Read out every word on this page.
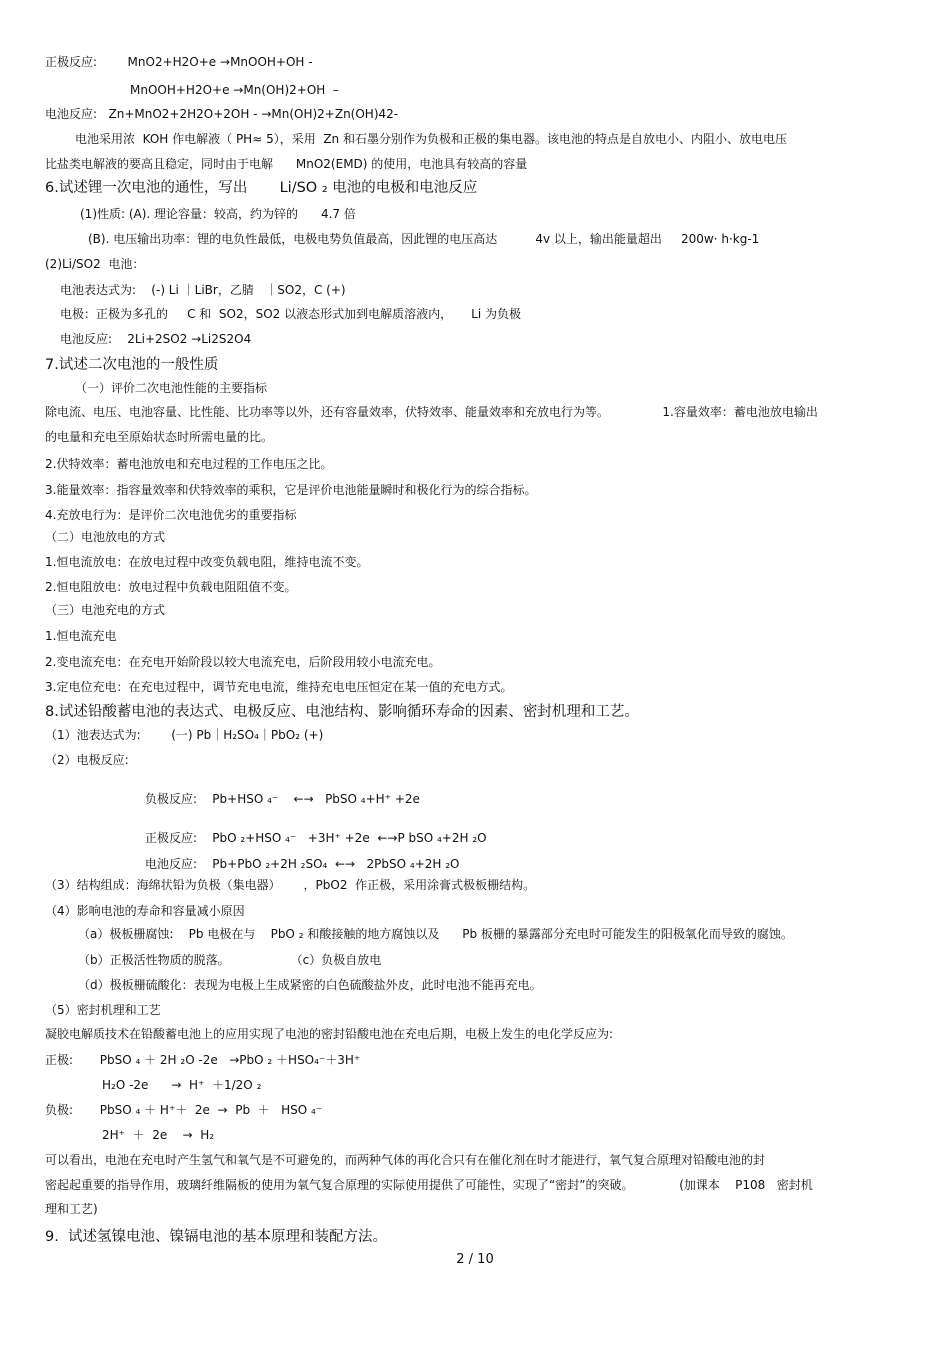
正极反应:        MnO2+H2O+e →MnOOH+OH -
MnOOH+H2O+e →Mn(OH)2+OH  –
电池反应:   Zn+MnO2+2H2O+2OH - →Mn(OH)2+Zn(OH)42-
电池采用浓  KOH 作电解液（ PH≈ 5），采用  Zn 和石墨分别作为负极和正极的集电器。该电池的特点是自放电小、内阻小、放电电压
比盐类电解液的要高且稳定，同时由于电解      MnO2(EMD) 的使用，电池具有较高的容量
6.试述锂一次电池的通性，写出       Li/SO ₂ 电池的电极和电池反应
(1)性质: (A). 理论容量：较高，约为锌的      4.7 倍
(B). 电压输出功率：锂的电负性最低，电极电势负值最高，因此锂的电压高达          4v 以上，输出能量超出     200w· h·kg-1
(2)Li/SO2  电池：
电池表达式为:    (-) Li ｜LiBr，乙腈   ｜SO2，C (+)
电极：正极为多孔的     C 和  SO2，SO2 以液态形式加到电解质溶液内，     Li 为负极
电池反应:    2Li+2SO2 →Li2S2O4
7.试述二次电池的一般性质
（一）评价二次电池性能的主要指标
除电流、电压、电池容量、比性能、比功率等以外，还有容量效率，伏特效率、能量效率和充放电行为等。              1.容量效率：蓄电池放电输出
的电量和充电至原始状态时所需电量的比。
2.伏特效率：蓄电池放电和充电过程的工作电压之比。
3.能量效率：指容量效率和伏特效率的乘积，它是评价电池能量瞬时和极化行为的综合指标。
4.充放电行为：是评价二次电池优劣的重要指标
（二）电池放电的方式
1.恒电流放电：在放电过程中改变负载电阻，维持电流不变。
2.恒电阻放电：放电过程中负载电阻阻值不变。
（三）电池充电的方式
1.恒电流充电
2.变电流充电：在充电开始阶段以较大电流充电，后阶段用较小电流充电。
3.定电位充电：在充电过程中，调节充电电流，维持充电电压恒定在某一值的充电方式。
8.试述铅酸蓄电池的表达式、电极反应、电池结构、影响循环寿命的因素、密封机理和工艺。
（1）池表达式为:        (一) Pb｜H₂SO₄｜PbO₂ (+)
（2）电极反应:
负极反应:    Pb+HSO ₄⁻    ←→   PbSO ₄+H⁺ +2e
正极反应:    PbO ₂+HSO ₄⁻   +3H⁺ +2e  ←→P bSO ₄+2H ₂O
电池反应:    Pb+PbO ₂+2H ₂SO₄  ←→   2PbSO ₄+2H ₂O
（3）结构组成：海绵状铅为负极（集电器）      ，PbO2  作正极，采用涂膏式极板栅结构。
（4）影响电池的寿命和容量减小原因
（a）极板栅腐蚀:    Pb 电极在与    PbO ₂ 和酸接触的地方腐蚀以及      Pb 板栅的暴露部分充电时可能发生的阳极氧化而导致的腐蚀。
（b）正极活性物质的脱落。                （c）负极自放电
（d）极板栅硫酸化：表现为电极上生成紧密的白色硫酸盐外皮，此时电池不能再充电。
（5）密封机理和工艺
凝胶电解质技术在铅酸蓄电池上的应用实现了电池的密封铅酸电池在充电后期，电极上发生的电化学反应为:
正极:       PbSO ₄ ＋ 2H ₂O -2e   →PbO ₂ ＋HSO₄⁻＋3H⁺
H₂O -2e      →  H⁺  ＋1/2O ₂
负极:       PbSO ₄ ＋ H⁺＋  2e  →  Pb  ＋   HSO ₄⁻
2H⁺  ＋  2e    →  H₂
可以看出，电池在充电时产生氢气和氧气是不可避免的，而两种气体的再化合只有在催化剂在时才能进行，氧气复合原理对铅酸电池的封
密起起重要的指导作用，玻璃纤维隔板的使用为氧气复合原理的实际使用提供了可能性，实现了“密封”的突破。            (加课本    P108   密封机
理和工艺)
9.  试述氢镍电池、镍镉电池的基本原理和装配方法。
2 / 10
